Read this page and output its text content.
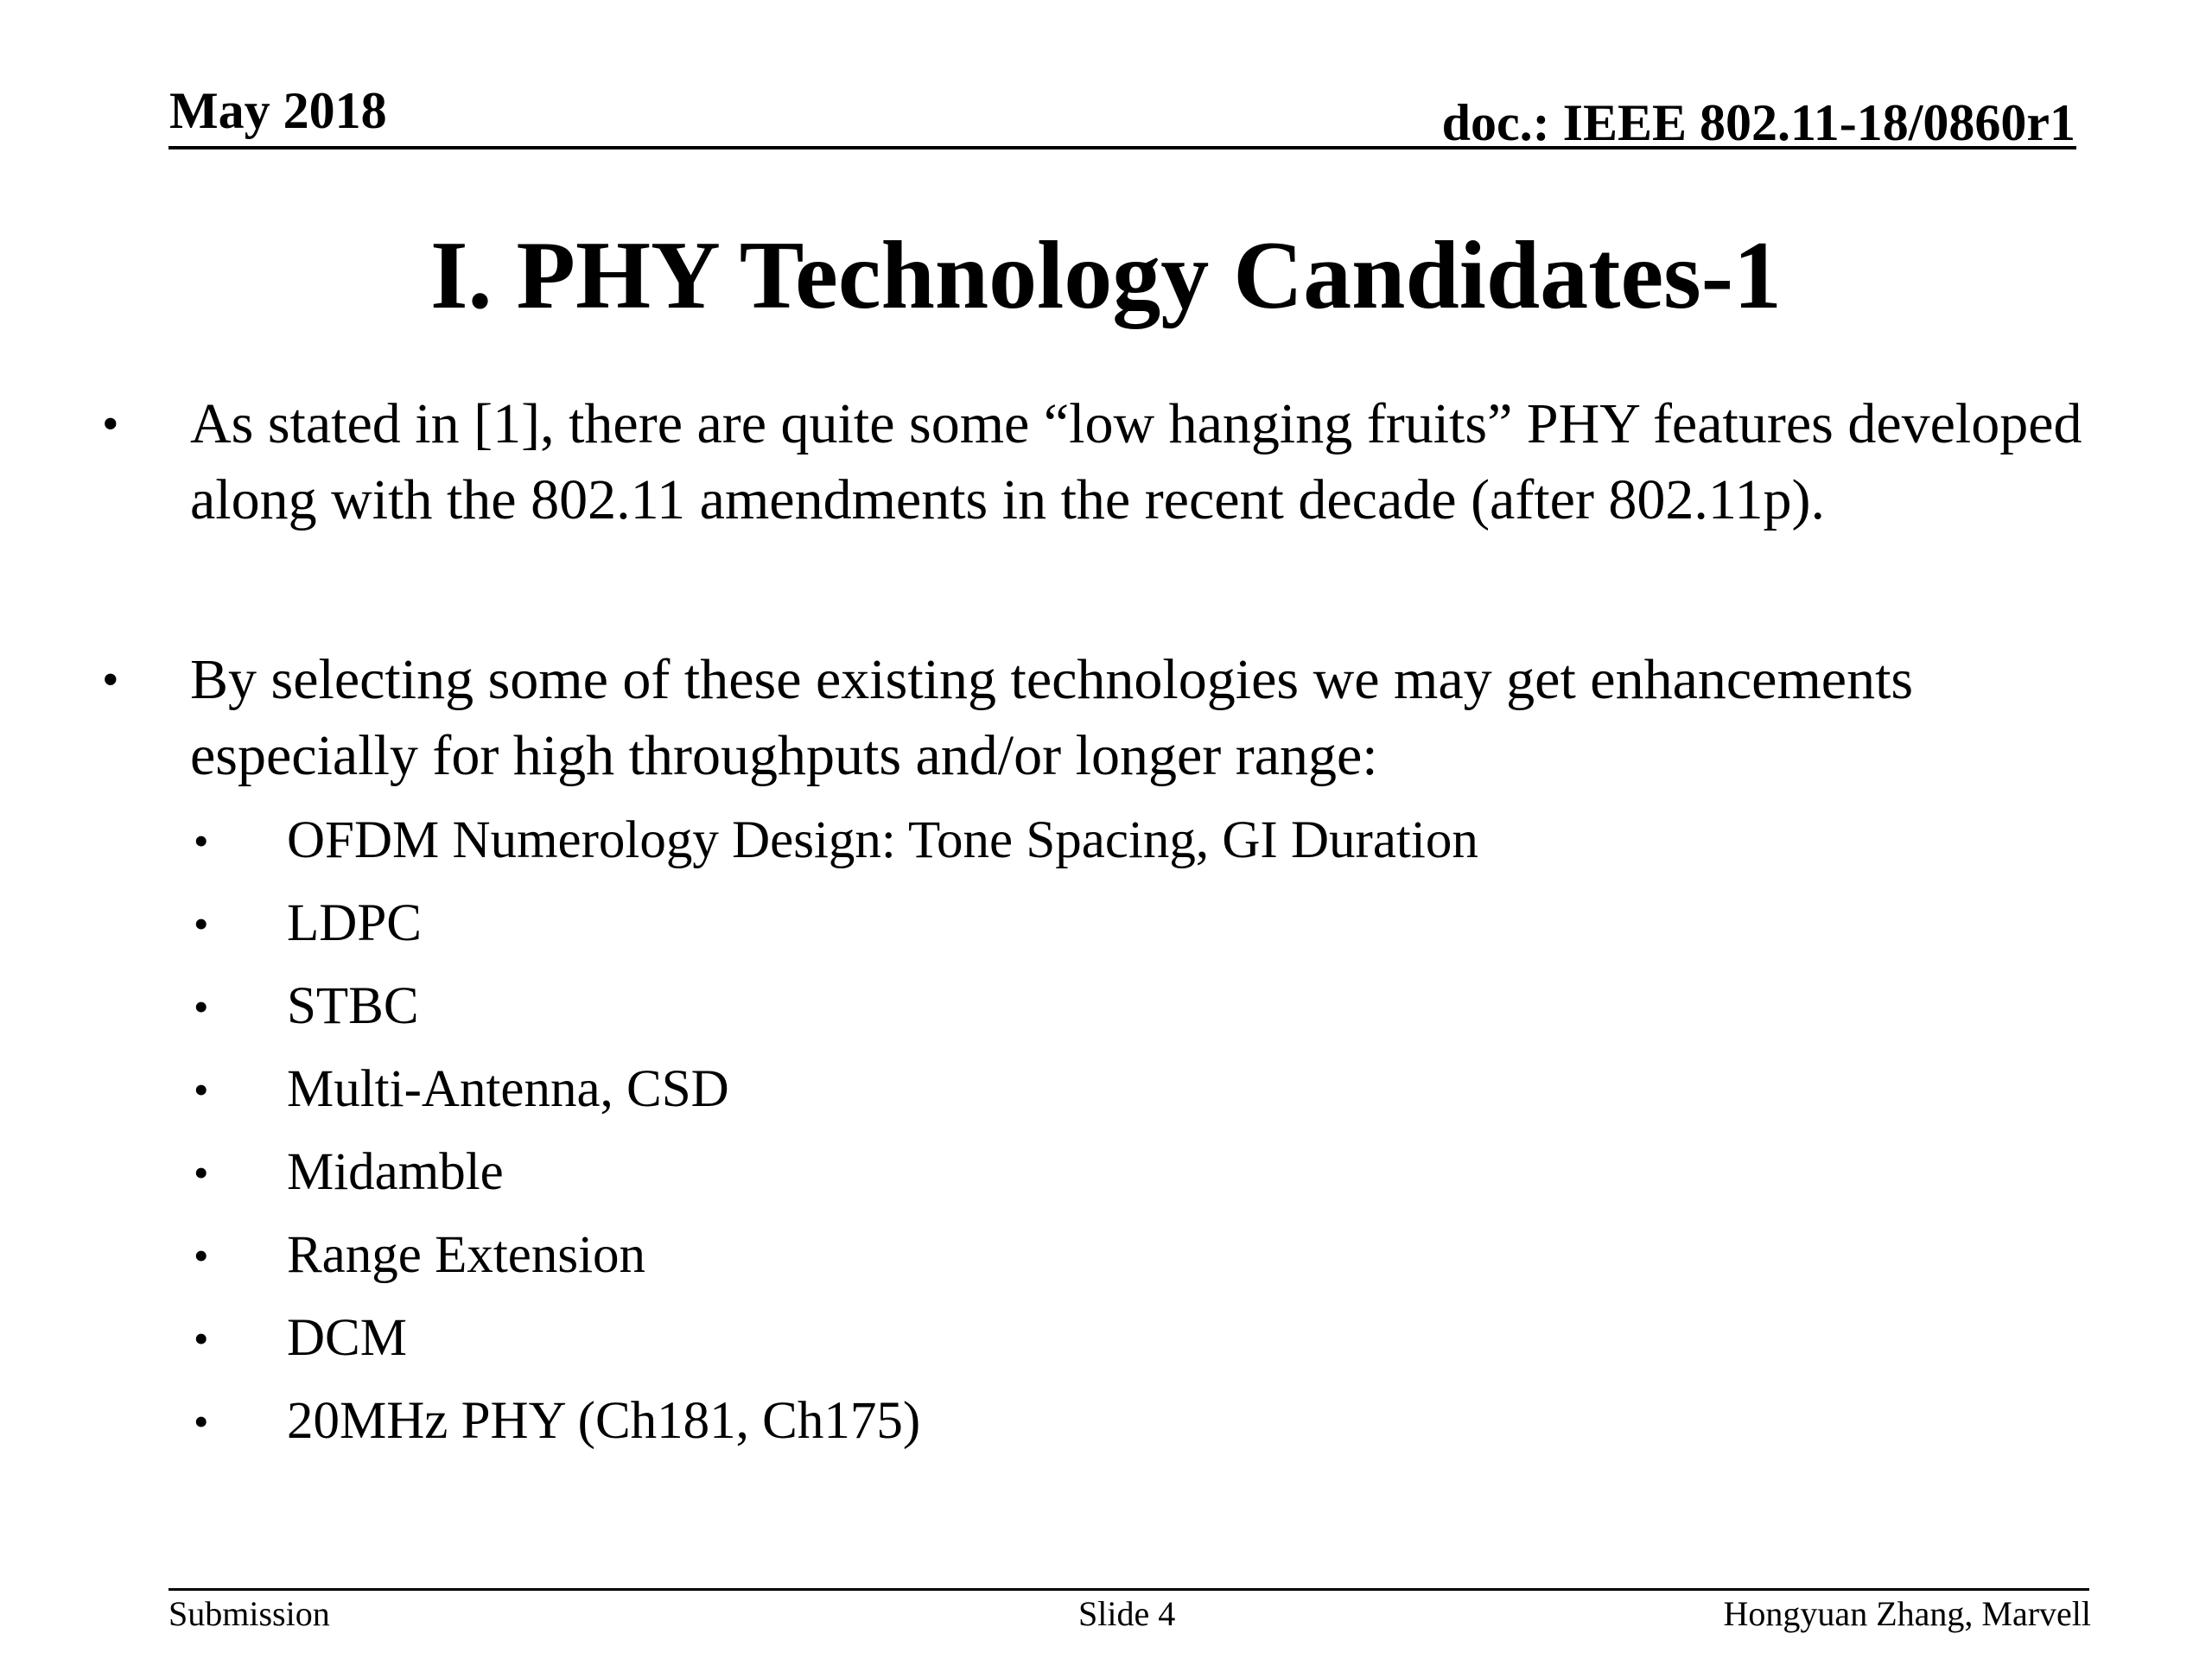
May 2018	doc.: IEEE 802.11-18/0860r1
I. PHY Technology Candidates-1
• As stated in [1], there are quite some “low hanging fruits” PHY features developed along with the 802.11 amendments in the recent decade (after 802.11p).
• By selecting some of these existing technologies we may get enhancements especially for high throughputs and/or longer range:
• OFDM Numerology Design: Tone Spacing, GI Duration
• LDPC
• STBC
• Multi-Antenna, CSD
• Midamble
• Range Extension
• DCM
• 20MHz PHY (Ch181, Ch175)
Submission	Slide 4	Hongyuan Zhang, Marvell
